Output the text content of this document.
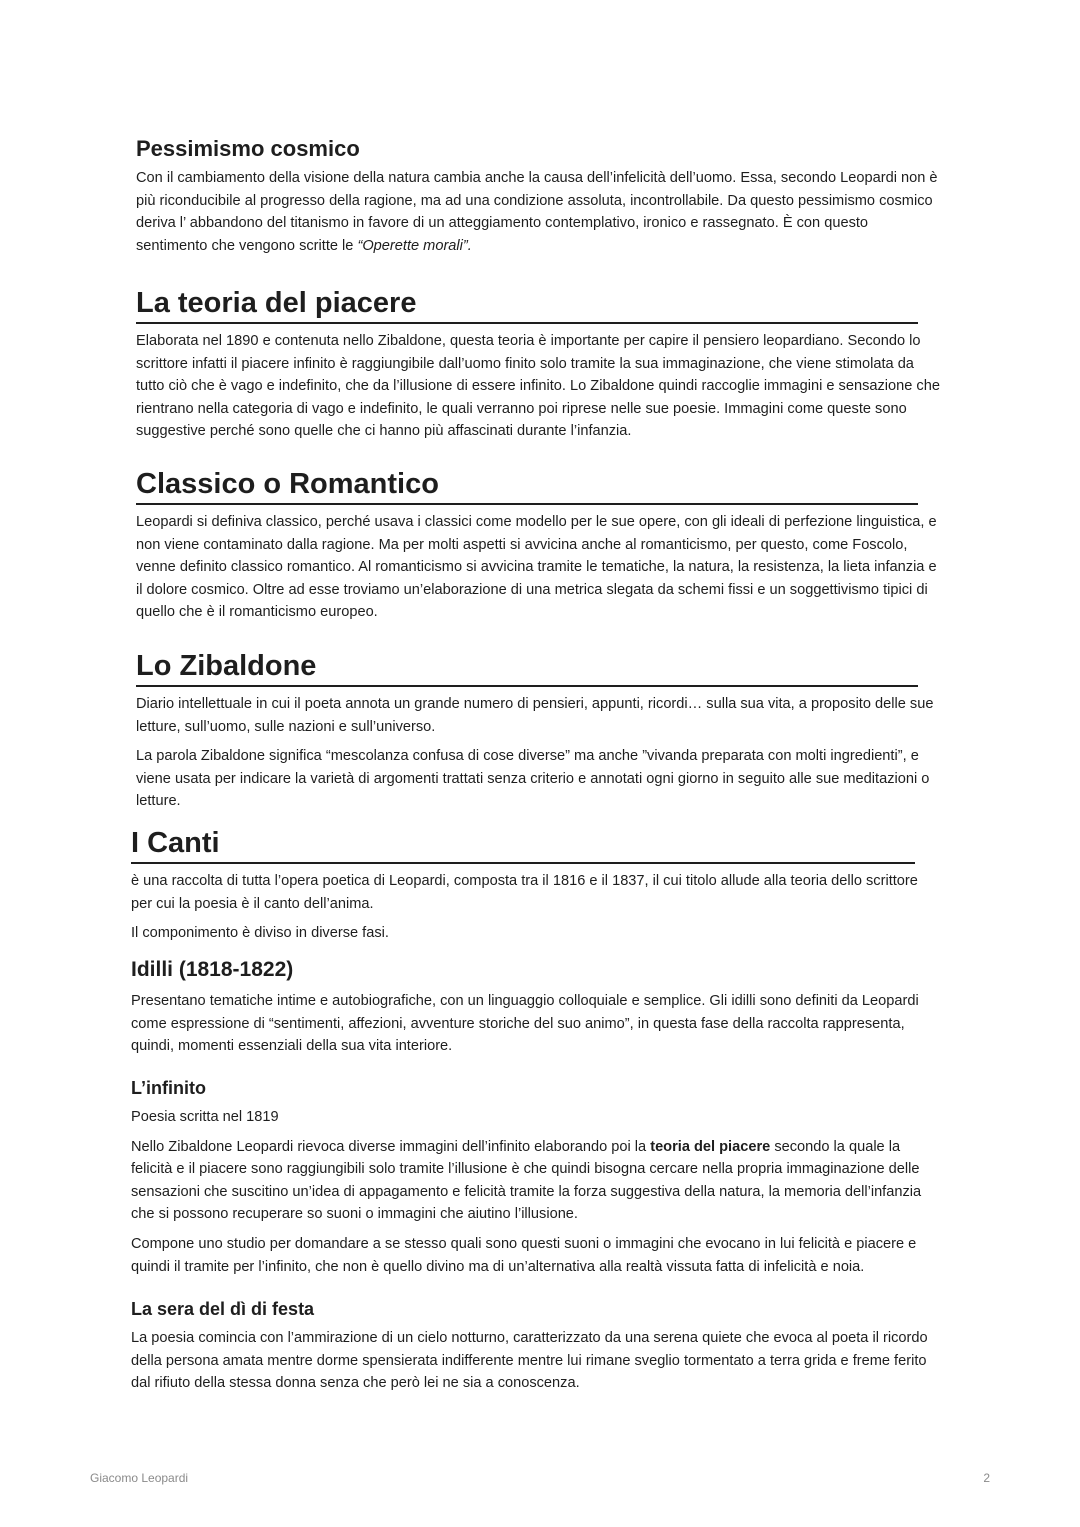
Pessimismo cosmico

Con il cambiamento della visione della natura cambia anche la causa dell’infelicità dell’uomo. Essa, secondo Leopardi non è più riconducibile al progresso della ragione, ma ad una condizione assoluta, incontrollabile. Da questo pessimismo cosmico deriva l’ abbandono del titanismo in favore di un atteggiamento contemplativo, ironico e rassegnato. È con questo sentimento che vengono scritte le “Operette morali”.

La teoria del piacere

Elaborata nel 1890 e contenuta nello Zibaldone, questa teoria è importante per capire il pensiero leopardiano. Secondo lo scrittore infatti il piacere infinito è raggiungibile dall’uomo finito solo tramite la sua immaginazione, che viene stimolata da tutto ciò che è vago e indefinito, che da l’illusione di essere infinito. Lo Zibaldone quindi raccoglie immagini e sensazione che rientrano nella categoria di vago e indefinito, le quali verranno poi riprese nelle sue poesie. Immagini come queste sono suggestive perché sono quelle che ci hanno più affascinati durante l’infanzia.

Classico o Romantico

Leopardi si definiva classico, perché usava i classici come modello per le sue opere, con gli ideali di perfezione linguistica, e non viene contaminato dalla ragione. Ma per molti aspetti si avvicina anche al romanticismo, per questo, come Foscolo, venne definito classico romantico. Al romanticismo si avvicina tramite le tematiche, la natura, la resistenza, la lieta infanzia e il dolore cosmico. Oltre ad esse troviamo un’elaborazione di una metrica slegata da schemi fissi e un soggettivismo tipici di quello che è il romanticismo europeo.

Lo Zibaldone

Diario intellettuale in cui il poeta annota un grande numero di pensieri, appunti, ricordi… sulla sua vita, a proposito delle sue letture, sull’uomo, sulle nazioni e sull’universo.

La parola Zibaldone significa “mescolanza confusa di cose diverse” ma anche ”vivanda preparata con molti ingredienti”, e viene usata per indicare la varietà di argomenti trattati senza criterio e annotati ogni giorno in seguito alle sue meditazioni o letture.

I Canti

è una raccolta di tutta l’opera poetica di Leopardi, composta tra il 1816 e il 1837, il cui titolo allude alla teoria dello scrittore per cui la poesia è il canto dell’anima.

Il componimento è diviso in diverse fasi.

Idilli (1818-1822)

Presentano tematiche intime e autobiografiche, con un linguaggio colloquiale e semplice. Gli idilli sono definiti da Leopardi come espressione di “sentimenti, affezioni, avventure storiche del suo animo”, in questa fase della raccolta rappresenta, quindi, momenti essenziali della sua vita interiore.

L’infinito

Poesia scritta nel 1819

Nello Zibaldone Leopardi rievoca diverse immagini dell’infinito elaborando poi la teoria del piacere secondo la quale la felicità e il piacere sono raggiungibili solo tramite l’illusione è che quindi bisogna cercare nella propria immaginazione delle sensazioni che suscitino un’idea di appagamento e felicità tramite la forza suggestiva della natura, la memoria dell’infanzia che si possono recuperare so suoni o immagini che aiutino l’illusione.

Compone uno studio per domandare a se stesso quali sono questi suoni o immagini che evocano in lui felicità e piacere e quindi il tramite per l’infinito, che non è quello divino ma di un’alternativa alla realtà vissuta fatta di infelicità e noia.

La sera del dì di festa

La poesia comincia con l’ammirazione di un cielo notturno, caratterizzato da una serena quiete che evoca al poeta il ricordo della persona amata mentre dorme spensierata indifferente mentre lui rimane sveglio tormentato a terra grida e freme ferito dal rifiuto della stessa donna senza che però lei ne sia a conoscenza.

Giacomo Leopardi	2
